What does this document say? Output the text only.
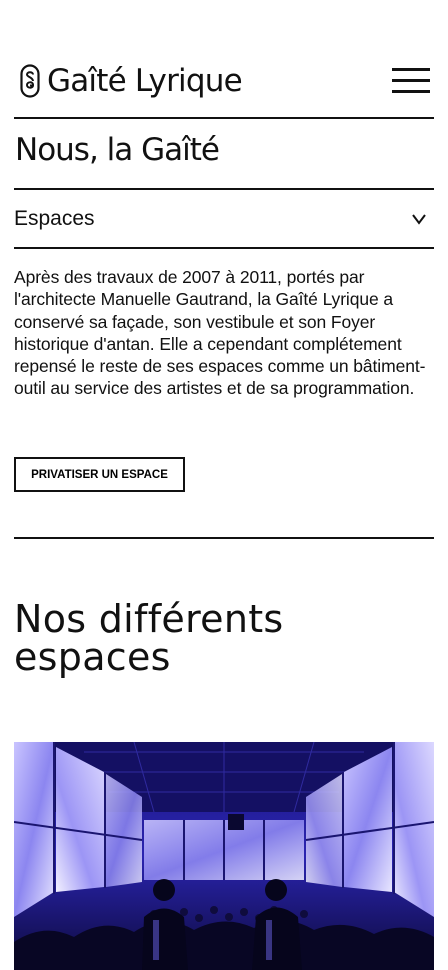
Gaîté Lyrique
Nous, la Gaîté
Espaces

Après des travaux de 2007 à 2011, portés par l'architecte Manuelle Gautrand, la Gaîté Lyrique a conservé sa façade, son vestibule et son Foyer historique d'antan. Elle a cependant complétement repensé le reste de ses espaces comme un bâtiment-outil au service des artistes et de sa programmation.

PRIVATISER UN ESPACE
Nos différents espaces
